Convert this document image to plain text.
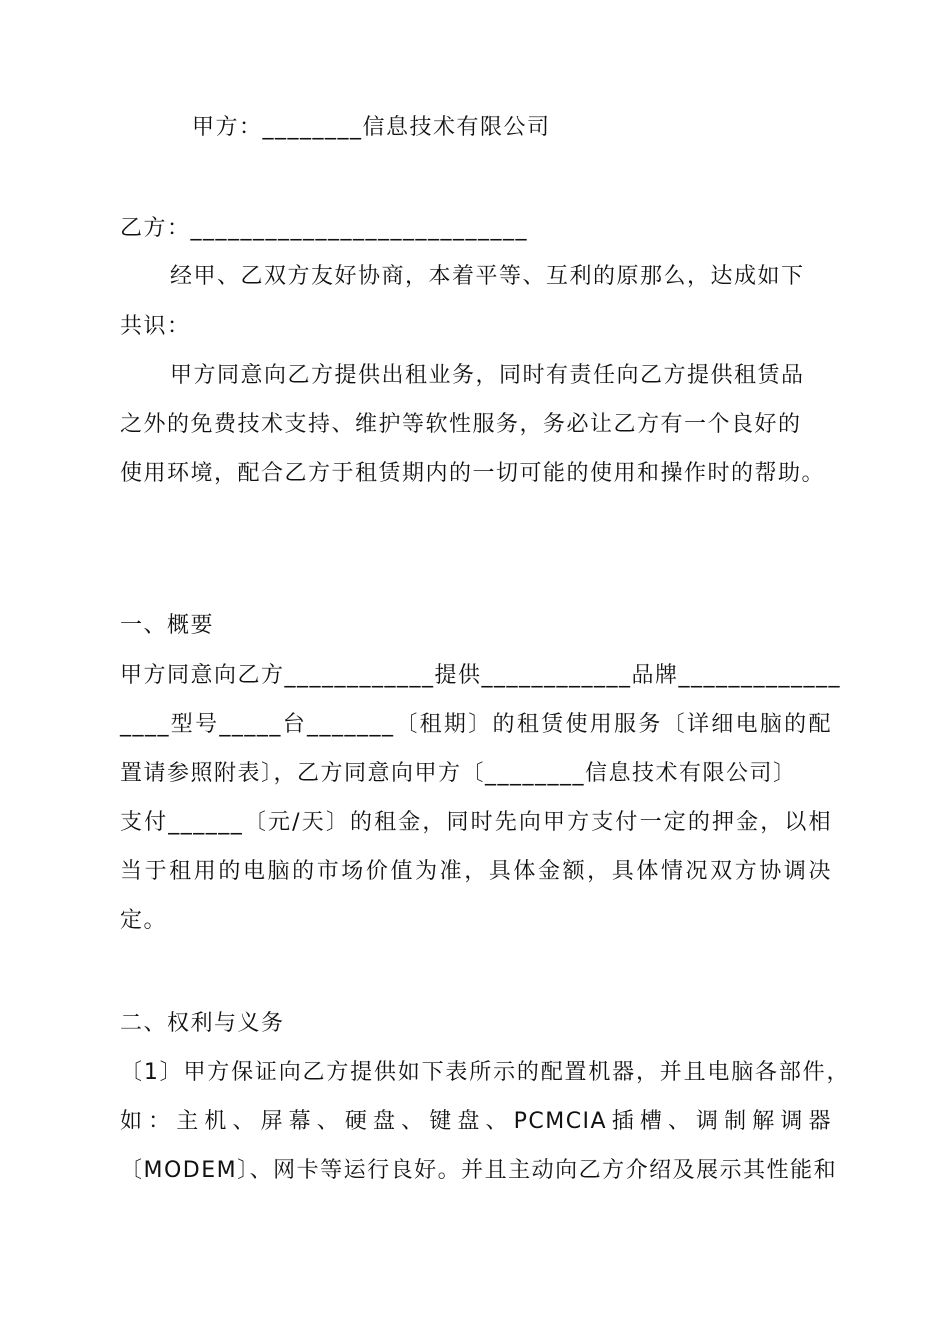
甲方：________信息技术有限公司
乙方：___________________________
经甲、乙双方友好协商，本着平等、互利的原那么，达成如下
共识：
甲方同意向乙方提供出租业务，同时有责任向乙方提供租赁品
之外的免费技术支持、维护等软性服务，务必让乙方有一个良好的
使用环境，配合乙方于租赁期内的一切可能的使用和操作时的帮助。
一、概要
甲方同意向乙方____________提供____________品牌_____________
____型号_____台_______〔租期〕的租赁使用服务〔详细电脑的配
置请参照附表〕，乙方同意向甲方〔________信息技术有限公司〕
支付______〔元/天〕的租金，同时先向甲方支付一定的押金，以相
当于租用的电脑的市场价值为准，具体金额，具体情况双方协调决
定。
二、权利与义务
〔1〕甲方保证向乙方提供如下表所示的配置机器，并且电脑各部件，
如：主机、屏幕、硬盘、键盘、PCMCIA插槽、调制解调器
〔MODEM〕、网卡等运行良好。并且主动向乙方介绍及展示其性能和
